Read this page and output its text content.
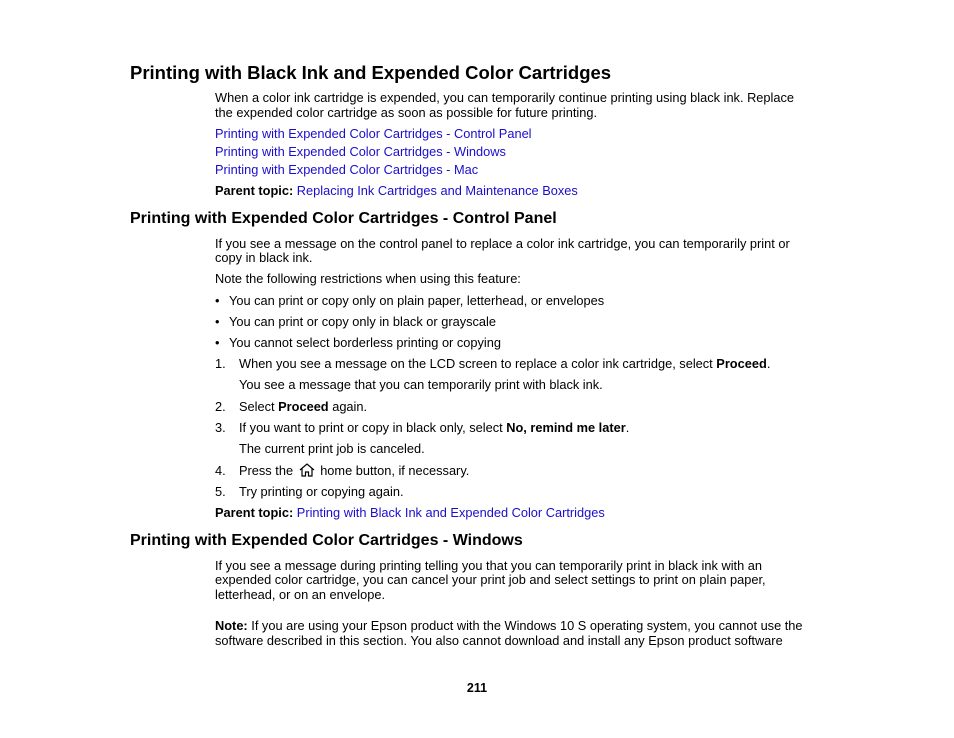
Printing with Black Ink and Expended Color Cartridges
When a color ink cartridge is expended, you can temporarily continue printing using black ink. Replace
the expended color cartridge as soon as possible for future printing.
Printing with Expended Color Cartridges - Control Panel
Printing with Expended Color Cartridges - Windows
Printing with Expended Color Cartridges - Mac
Parent topic: Replacing Ink Cartridges and Maintenance Boxes
Printing with Expended Color Cartridges - Control Panel
If you see a message on the control panel to replace a color ink cartridge, you can temporarily print or
copy in black ink.
Note the following restrictions when using this feature:
• You can print or copy only on plain paper, letterhead, or envelopes
• You can print or copy only in black or grayscale
• You cannot select borderless printing or copying
1. When you see a message on the LCD screen to replace a color ink cartridge, select Proceed.
You see a message that you can temporarily print with black ink.
2. Select Proceed again.
3. If you want to print or copy in black only, select No, remind me later.
The current print job is canceled.
4. Press the home button, if necessary.
5. Try printing or copying again.
Parent topic: Printing with Black Ink and Expended Color Cartridges
Printing with Expended Color Cartridges - Windows
If you see a message during printing telling you that you can temporarily print in black ink with an
expended color cartridge, you can cancel your print job and select settings to print on plain paper,
letterhead, or on an envelope.
Note: If you are using your Epson product with the Windows 10 S operating system, you cannot use the
software described in this section. You also cannot download and install any Epson product software
211
